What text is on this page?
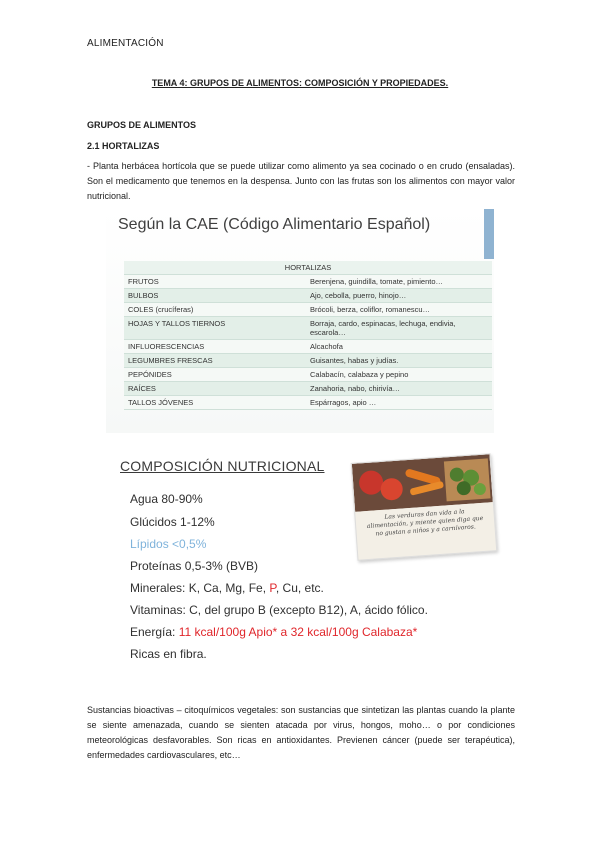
ALIMENTACIÓN
TEMA 4: GRUPOS DE ALIMENTOS: COMPOSICIÓN Y PROPIEDADES.
GRUPOS DE ALIMENTOS
2.1 HORTALIZAS
- Planta herbácea hortícola que se puede utilizar como alimento ya sea cocinado o en crudo (ensaladas). Son el medicamento que tenemos en la despensa. Junto con las frutas son los alimentos con mayor valor nutricional.
Según la CAE (Código Alimentario Español)
HORTALIZAS	
FRUTOS	Berenjena, guindilla, tomate, pimiento…
BULBOS	Ajo, cebolla, puerro, hinojo…
COLES (crucíferas)	Brócoli, berza, coliflor, romanescu…
HOJAS Y TALLOS TIERNOS	Borraja, cardo, espinacas, lechuga, endivia, escarola…
INFLUORESCENCIAS	Alcachofa
LEGUMBRES FRESCAS	Guisantes, habas y judías.
PEPÓNIDES	Calabacín, calabaza y pepino
RAÍCES	Zanahoria, nabo, chirivía…
TALLOS JÓVENES	Espárragos, apio …
COMPOSICIÓN NUTRICIONAL
Agua 80-90%
Glúcidos 1-12%
Lípidos <0,5%
Proteínas 0,5-3% (BVB)
Minerales: K, Ca, Mg, Fe, P, Cu, etc.
Vitaminas: C, del grupo B (excepto B12), A, ácido fólico.
Energía: 11 kcal/100g Apio* a 32 kcal/100g Calabaza*
Ricas en fibra.
Las verduras dan vida a la alimentación, y miente quien diga que no gustan a niños y a carnívoros.
Sustancias bioactivas – citoquímicos vegetales: son sustancias que sintetizan las plantas cuando la plante se siente amenazada, cuando se sienten atacada por virus, hongos, moho… o por condiciones meteorológicas desfavorables. Son ricas en antioxidantes. Previenen cáncer (puede ser terapéutica), enfermedades cardiovasculares, etc…
